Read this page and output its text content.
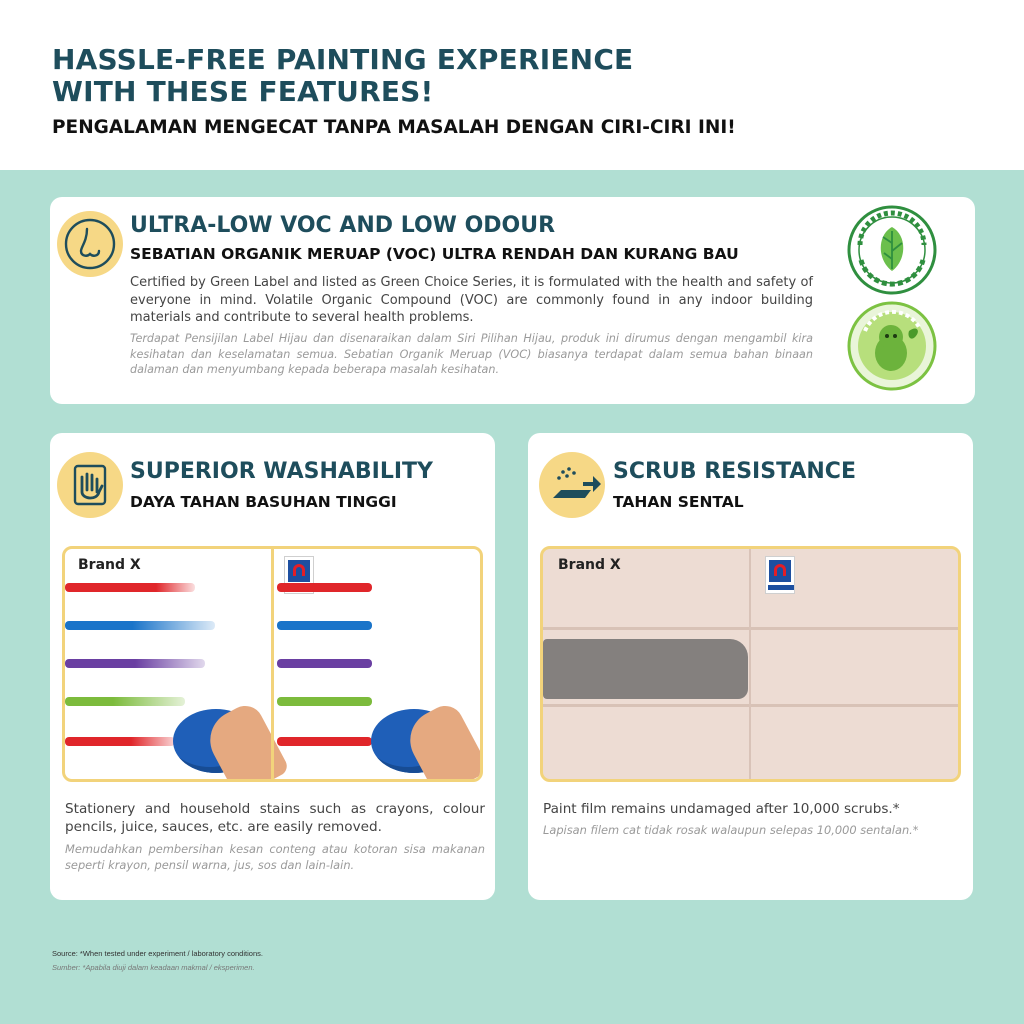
HASSLE-FREE PAINTING EXPERIENCE
WITH THESE FEATURES!
PENGALAMAN MENGECAT TANPA MASALAH DENGAN CIRI-CIRI INI!
ULTRA-LOW VOC AND LOW ODOUR
SEBATIAN ORGANIK MERUAP (VOC) ULTRA RENDAH DAN KURANG BAU
Certified by Green Label and listed as Green Choice Series, it is formulated with the health and safety of everyone in mind. Volatile Organic Compound (VOC) are commonly found in any indoor building materials and contribute to several health problems.
Terdapat Pensijilan Label Hijau dan disenaraikan dalam Siri Pilihan Hijau, produk ini dirumus dengan mengambil kira kesihatan dan keselamatan semua. Sebatian Organik Meruap (VOC) biasanya terdapat dalam semua bahan binaan dalaman dan menyumbang kepada beberapa masalah kesihatan.
SUPERIOR WASHABILITY
DAYA TAHAN BASUHAN TINGGI
Brand X
Stationery and household stains such as crayons, colour pencils, juice, sauces, etc. are easily removed.
Memudahkan pembersihan kesan conteng atau kotoran sisa makanan seperti krayon, pensil warna, jus, sos dan lain-lain.
SCRUB RESISTANCE
TAHAN SENTAL
Brand X
Paint film remains undamaged after 10,000 scrubs.*
Lapisan filem cat tidak rosak walaupun selepas 10,000 sentalan.*
Source: *When tested under experiment / laboratory conditions.
Sumber: *Apabila diuji dalam keadaan makmal / eksperimen.
